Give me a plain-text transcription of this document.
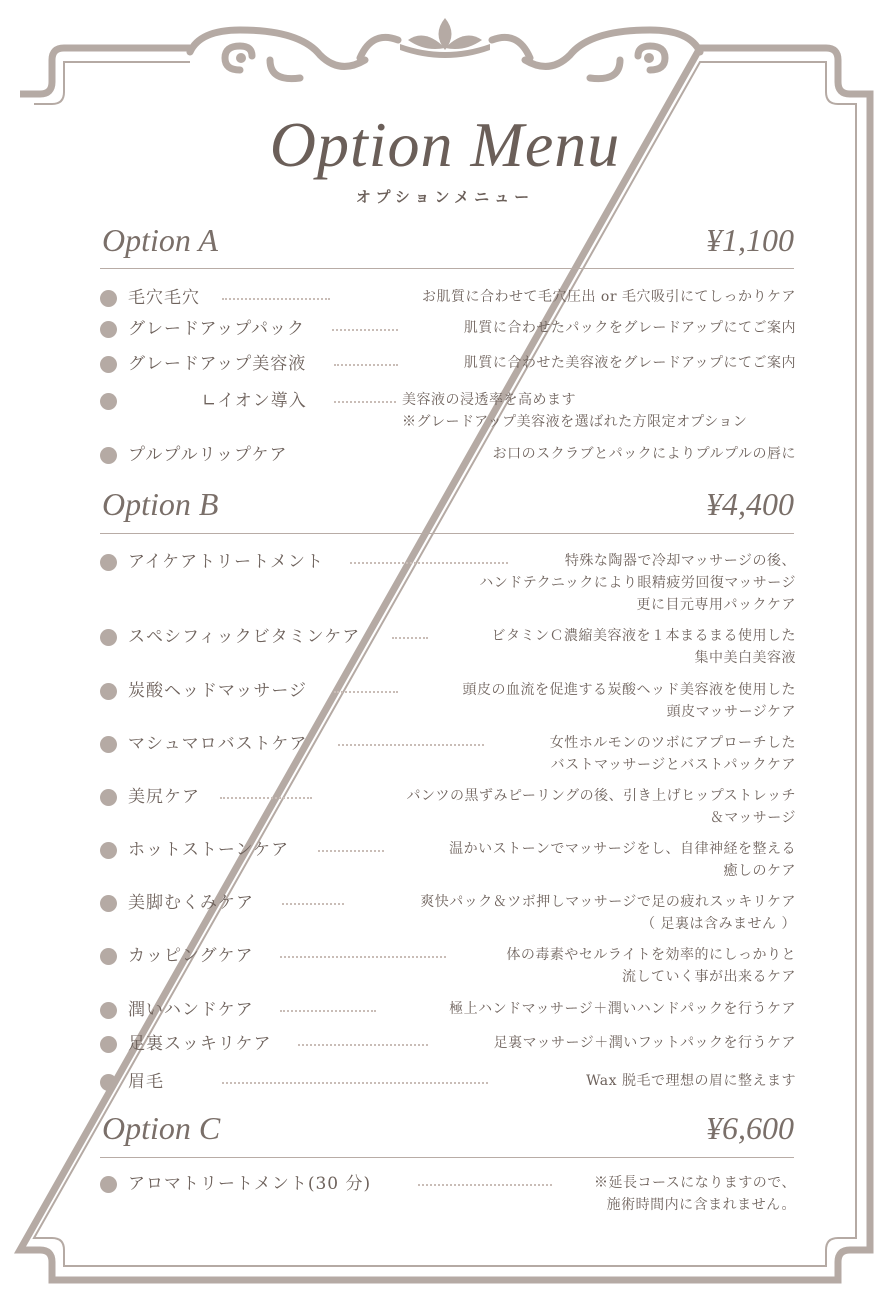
Option Menu
オプションメニュー
Option A	¥1,100
毛穴毛穴	お肌質に合わせて毛穴圧出 or 毛穴吸引にてしっかりケア
グレードアップパック	肌質に合わせたパックをグレードアップにてご案内
グレードアップ美容液	肌質に合わせた美容液をグレードアップにてご案内
∟イオン導入	美容液の浸透率を高めます
※グレードアップ美容液を選ばれた方限定オプション
プルプルリップケア	お口のスクラブとパックによりプルプルの唇に
Option B	¥4,400
アイケアトリートメント	特殊な陶器で冷却マッサージの後、
ハンドテクニックにより眼精疲労回復マッサージ
更に目元専用パックケア
スペシフィックビタミンケア	ビタミンＣ濃縮美容液を１本まるまる使用した
集中美白美容液
炭酸ヘッドマッサージ	頭皮の血流を促進する炭酸ヘッド美容液を使用した
頭皮マッサージケア
マシュマロバストケア	女性ホルモンのツボにアプローチした
バストマッサージとバストパックケア
美尻ケア	パンツの黒ずみピーリングの後、引き上げヒップストレッチ
＆マッサージ
ホットストーンケア	温かいストーンでマッサージをし、自律神経を整える
癒しのケア
美脚むくみケア	爽快パック＆ツボ押しマッサージで足の疲れスッキリケア
（ 足裏は含みません ）
カッピングケア	体の毒素やセルライトを効率的にしっかりと
流していく事が出来るケア
潤いハンドケア	極上ハンドマッサージ＋潤いハンドパックを行うケア
足裏スッキリケア	足裏マッサージ＋潤いフットパックを行うケア
眉毛	Wax 脱毛で理想の眉に整えます
Option C	¥6,600
アロマトリートメント(30 分)	※延長コースになりますので、
施術時間内に含まれません。
